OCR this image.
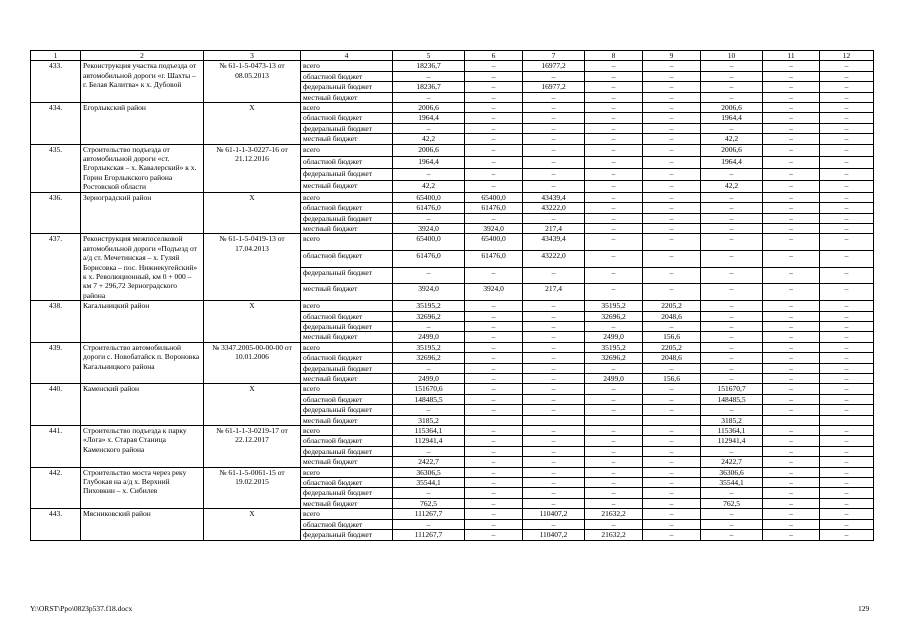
1	2	3	4	5	6	7	8	9	10	11	12
433.	Реконструкция участка подъезда от автомобильной дороги «г. Шахты – г. Белая Калитва» к х. Дубовой	№ 61-1-5-0473-13 от 08.05.2013	всего	18236,7	–	16977,2	–	–	–	–	–
			областной бюджет	–	–	–	–	–	–	–	–
			федеральный бюджет	18236,7	–	16977,2	–	–	–	–	–
			местный бюджет	–	–	–	–	–	–	–	–
434.	Егорлыкский район	Х	всего	2006,6	–	–	–	–	2006,6	–	–
			областной бюджет	1964,4	–	–	–	–	1964,4	–	–
			федеральный бюджет	–	–	–	–	–	–	–	–
			местный бюджет	42,2	–	–	–	–	42,2	–	–
435.	Строительство подъезда от автомобильной дороги «ст. Егорлыкская – х. Кавалерский» к х. Горин Егорлыкского района Ростовской области	№ 61-1-1-3-0227-16 от 21.12.2016	всего	2006,6	–	–	–	–	2006,6	–	–
			областной бюджет	1964,4	–	–	–	–	1964,4	–	–
			федеральный бюджет	–	–	–	–	–	–	–	–
			местный бюджет	42,2	–	–	–	–	42,2	–	–
436.	Зерноградский район	Х	всего	65400,0	65400,0	43439,4	–	–	–	–	–
			областной бюджет	61476,0	61476,0	43222,0	–	–	–	–	–
			федеральный бюджет	–	–	–	–	–	–	–	–
			местный бюджет	3924,0	3924,0	217,4	–	–	–	–	–
437.	Реконструкция межпоселковой автомобильной дороги «Подъезд от а/д ст. Мечетинская – х. Гуляй Борисовка – пос. Нижнекугейский» к х. Революционный, км 0 + 000 – км 7 + 296,72 Зерноградского района	№ 61-1-5-0419-13 от 17.04.2013	всего	65400,0	65400,0	43439,4	–	–	–	–	–
			областной бюджет	61476,0	61476,0	43222,0	–	–	–	–	–
			федеральный бюджет	–	–	–	–	–	–	–	–
			местный бюджет	3924,0	3924,0	217,4	–	–	–	–	–
438.	Кагальницкий район	Х	всего	35195,2	–	–	35195,2	2205,2	–	–	–
			областной бюджет	32696,2	–	–	32696,2	2048,6	–	–	–
			федеральный бюджет	–	–	–	–	–	–	–	–
			местный бюджет	2499,0	–	–	2499,0	156,6	–	–	–
439.	Строительство автомобильной дороги с. Новобатайск п. Вороновка Кагальницкого района	№ 3347.2005-00-00-00 от 10.01.2006	всего	35195,2	–	–	35195,2	2205,2	–	–	–
			областной бюджет	32696,2	–	–	32696,2	2048,6	–	–	–
			федеральный бюджет	–	–	–	–	–	–	–	–
			местный бюджет	2499,0	–	–	2499,0	156,6	–	–	–
440.	Каменский район	Х	всего	151670,6	–	–	–	–	151670,7	–	–
			областной бюджет	148485,5	–	–	–	–	148485,5	–	–
			федеральный бюджет	–	–	–	–	–	–	–	–
			местный бюджет	3185,2					3185,2		
441.	Строительство подъезда к парку «Лога» х. Старая Станица Каменского района	№ 61-1-1-3-0219-17 от 22.12.2017	всего	115364,1	–	–	–	–	115364,1	–	–
			областной бюджет	112941,4	–	–	–	–	112941,4	–	–
			федеральный бюджет	–	–	–	–	–	–	–	–
			местный бюджет	2422,7	–	–	–	–	2422,7	–	–
442.	Строительство моста через реку Глубокая на а/д х. Верхний Пиховкин – х. Сибилев	№ 61-1-5-0061-15 от 19.02.2015	всего	36306,5	–	–	–	–	36306,6	–	–
			областной бюджет	35544,1	–	–	–	–	35544,1	–	–
			федеральный бюджет	–	–	–	–	–	–	–	–
			местный бюджет	762,5	–	–	–	–	762,5	–	–
443.	Мясниковский район	Х	всего	111267,7	–	110407,2	21632,2	–	–	–	–
			областной бюджет	–	–	–	–	–	–	–	–
			федеральный бюджет	111267,7	–	110407,2	21632,2	–	–	–	–
Y:\ORST\Ppo\0823p537.f18.docx	129
